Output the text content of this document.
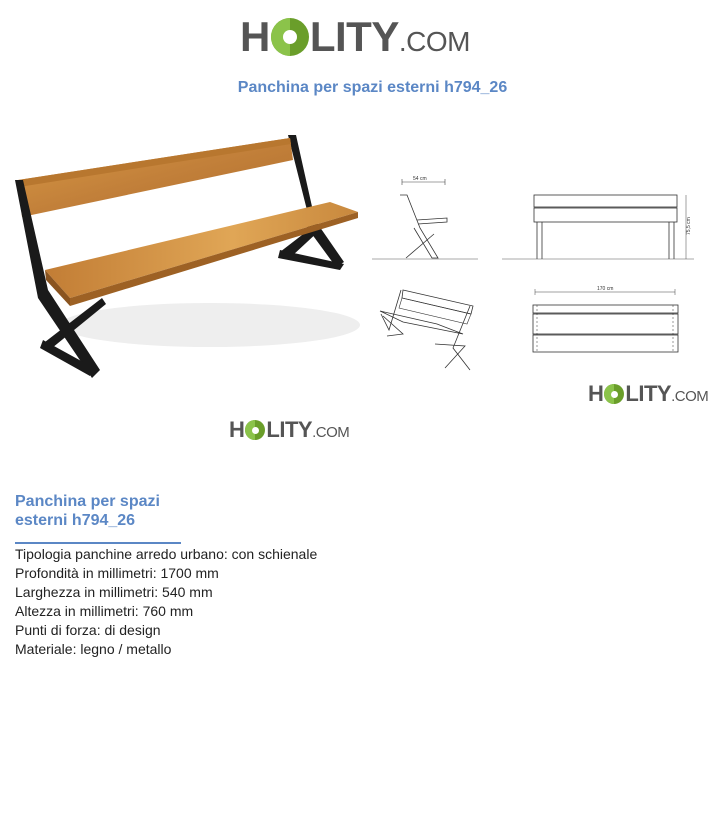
H LITY .COM
Panchina per spazi esterni h794_26
54 cm
75,5 cm
170 cm
H LITY .COM
H LITY .COM
Panchina per spazi esterni h794_26
Tipologia panchine arredo urbano: con schienale
Profondità in millimetri: 1700 mm
Larghezza in millimetri: 540 mm
Altezza in millimetri: 760 mm
Punti di forza: di design
Materiale: legno / metallo
